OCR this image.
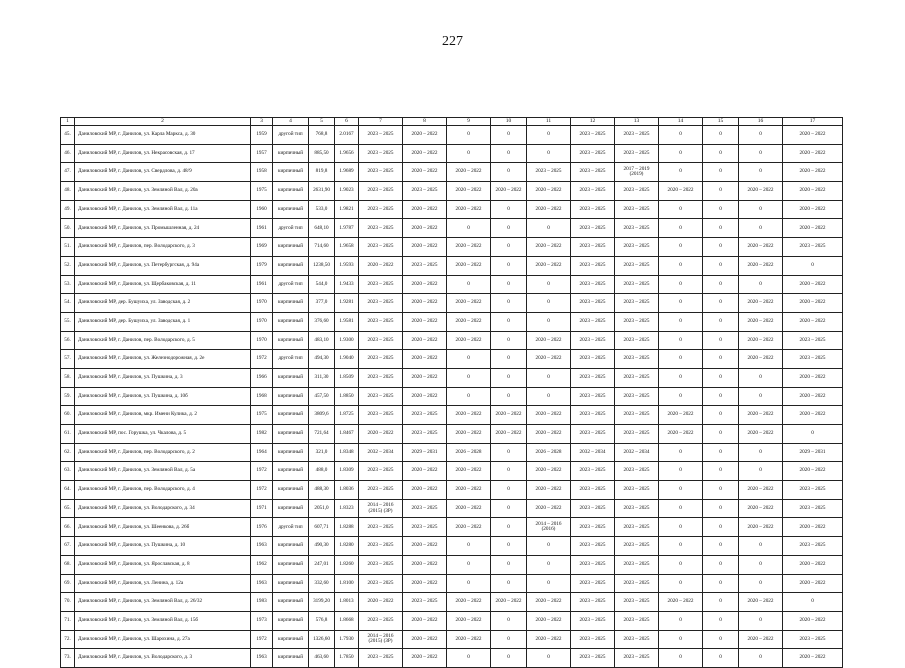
227
1	2	3	4	5	6	7	8	9	10	11	12	13	14	15	16	17
45.	Даниловский МР, г. Данилов, ул. Карла Маркса, д. 30	1959	другой тип	768,8	2.0167	2023 – 2025	2020 – 2022	0	0	0	2023 – 2025	2023 – 2025	0	0	0	2020 – 2022
46.	Даниловский МР, г. Данилов, ул. Некрасовская, д. 17	1957	кирпичный	885,50	1.9656	2023 – 2025	2020 – 2022	0	0	0	2023 – 2025	2023 – 2025	0	0	0	2020 – 2022
47.	Даниловский МР, г. Данилов, ул. Свердлова, д. 48/9	1958	кирпичный	819,8	1.9689	2023 – 2025	2020 – 2022	2020 – 2022	0	2023 – 2025	2023 – 2025	2017 – 2019 (2019)	0	0	0	2020 – 2022
48.	Даниловский МР, г. Данилов, ул. Земляной Вал, д. 20а	1975	кирпичный	2631,90	1.9023	2023 – 2025	2023 – 2025	2020 – 2022	2020 – 2022	2020 – 2022	2023 – 2025	2023 – 2025	2020 – 2022	0	2020 – 2022	2020 – 2022
49.	Даниловский МР, г. Данилов, ул. Земляной Вал, д. 11а	1960	кирпичный	533,0	1.9821	2023 – 2025	2020 – 2022	2020 – 2022	0	2020 – 2022	2023 – 2025	2023 – 2025	0	0	0	2020 – 2022
50.	Даниловский МР, г. Данилов, ул. Промышленная, д. 24	1961	другой тип	648,10	1.9787	2023 – 2025	2020 – 2022	0	0	0	2023 – 2025	2023 – 2025	0	0	0	2020 – 2022
51.	Даниловский МР, г. Данилов, пер. Володарского, д. 3	1969	кирпичный	714,60	1.9658	2023 – 2025	2020 – 2022	2020 – 2022	0	2020 – 2022	2023 – 2025	2023 – 2025	0	0	2020 – 2022	2023 – 2025
52.	Даниловский МР, г. Данилов, ул. Петербургская, д. 94а	1979	кирпичный	1238,50	1.9593	2020 – 2022	2023 – 2025	2020 – 2022	0	2020 – 2022	2023 – 2025	2023 – 2025	0	0	2020 – 2022	0
53.	Даниловский МР, г. Данилов, ул. Щербаковская, д. 11	1961	другой тип	544,0	1.9433	2023 – 2025	2020 – 2022	0	0	0	2023 – 2025	2023 – 2025	0	0	0	2020 – 2022
54.	Даниловский МР, дер. Бушуиха, ул. Заводская, д. 2	1970	кирпичный	377,0	1.9281	2023 – 2025	2020 – 2022	2020 – 2022	0	0	2023 – 2025	2023 – 2025	0	0	2020 – 2022	2020 – 2022
55.	Даниловский МР, дер. Бушуиха, ул. Заводская, д. 1	1970	кирпичный	376,60	1.9581	2023 – 2025	2020 – 2022	2020 – 2022	0	0	2023 – 2025	2023 – 2025	0	0	2020 – 2022	2020 – 2022
56.	Даниловский МР, г. Данилов, пер. Володарского, д. 5	1970	кирпичный	483,10	1.9300	2023 – 2025	2020 – 2022	2020 – 2022	0	2020 – 2022	2023 – 2025	2023 – 2025	0	0	2020 – 2022	2023 – 2025
57.	Даниловский МР, г. Данилов, ул. Железнодорожная, д. 2е	1972	другой тип	494,30	1.9040	2023 – 2025	2020 – 2022	0	0	2020 – 2022	2023 – 2025	2023 – 2025	0	0	2020 – 2022	2023 – 2025
58.	Даниловский МР, г. Данилов, ул. Пушкина, д. 3	1966	кирпичный	311,30	1.8509	2023 – 2025	2020 – 2022	0	0	0	2023 – 2025	2023 – 2025	0	0	0	2020 – 2022
59.	Даниловский МР, г. Данилов, ул. Пушкина, д. 10б	1968	кирпичный	457,50	1.8850	2023 – 2025	2020 – 2022	0	0	0	2023 – 2025	2023 – 2025	0	0	0	2020 – 2022
60.	Даниловский МР, г. Данилов, мкр. Имени Кулика, д. 2	1975	кирпичный	3809,6	1.8725	2023 – 2025	2023 – 2025	2020 – 2022	2020 – 2022	2020 – 2022	2023 – 2025	2023 – 2025	2020 – 2022	0	2020 – 2022	2020 – 2022
61.	Даниловский МР, пос. Горушка, ул. Чкалова, д. 5	1982	кирпичный	721,64	1.8467	2020 – 2022	2023 – 2025	2020 – 2022	2020 – 2022	2020 – 2022	2023 – 2025	2023 – 2025	2020 – 2022	0	2020 – 2022	0
62.	Даниловский МР, г. Данилов, пер. Володарского, д. 2	1964	кирпичный	321,0	1.8348	2032 – 2034	2029 – 2031	2026 – 2028	0	2026 – 2028	2032 – 2034	2032 – 2034	0	0	0	2029 – 2031
63.	Даниловский МР, г. Данилов, ул. Земляной Вал, д. 5а	1972	кирпичный	488,0	1.8309	2023 – 2025	2020 – 2022	2020 – 2022	0	2020 – 2022	2023 – 2025	2023 – 2025	0	0	0	2020 – 2022
64.	Даниловский МР, г. Данилов, пер. Володарского, д. 4	1972	кирпичный	488,30	1.8036	2023 – 2025	2020 – 2022	2020 – 2022	0	2020 – 2022	2023 – 2025	2023 – 2025	0	0	2020 – 2022	2023 – 2025
65.	Даниловский МР, г. Данилов, ул. Володарского, д. 34	1971	кирпичный	2051,0	1.8323	2014 – 2016 (2015) (ЗР)	2023 – 2025	2020 – 2022	0	2020 – 2022	2023 – 2025	2023 – 2025	0	0	2020 – 2022	2023 – 2025
66.	Даниловский МР, г. Данилов, ул. Шеенкова, д. 26б	1976	другой тип	607,71	1.8288	2023 – 2025	2023 – 2025	2020 – 2022	0	2014 – 2016 (2016)	2023 – 2025	2023 – 2025	0	0	2020 – 2022	2020 – 2022
67.	Даниловский МР, г. Данилов, ул. Пушкина, д. 10	1963	кирпичный	490,30	1.8280	2023 – 2025	2020 – 2022	0	0	0	2023 – 2025	2023 – 2025	0	0	0	2023 – 2025
68.	Даниловский МР, г. Данилов, ул. Ярославская, д. 8	1962	кирпичный	247,01	1.8260	2023 – 2025	2020 – 2022	0	0	0	2023 – 2025	2023 – 2025	0	0	0	2020 – 2022
69.	Даниловский МР, г. Данилов, ул. Ленина, д. 12а	1963	кирпичный	332,60	1.8100	2023 – 2025	2020 – 2022	0	0	0	2023 – 2025	2023 – 2025	0	0	0	2020 – 2022
70.	Даниловский МР, г. Данилов, ул. Земляной Вал, д. 26/32	1983	кирпичный	3199,20	1.8013	2020 – 2022	2023 – 2025	2020 – 2022	2020 – 2022	2020 – 2022	2023 – 2025	2023 – 2025	2020 – 2022	0	2020 – 2022	0
71.	Даниловский МР, г. Данилов, ул. Земляной Вал, д. 15б	1973	кирпичный	576,8	1.8668	2023 – 2025	2020 – 2022	2020 – 2022	0	2020 – 2022	2023 – 2025	2023 – 2025	0	0	0	2020 – 2022
72.	Даниловский МР, г. Данилов, ул. Шарохина, д. 27а	1972	кирпичный	1326,60	1.7930	2014 – 2016 (2015) (ЗР)	2020 – 2022	2020 – 2022	0	2020 – 2022	2023 – 2025	2023 – 2025	0	0	2020 – 2022	2023 – 2025
73.	Даниловский МР, г. Данилов, ул. Володарского, д. 3	1963	кирпичный	463,60	1.7850	2023 – 2025	2020 – 2022	0	0	0	2023 – 2025	2023 – 2025	0	0	0	2020 – 2022
